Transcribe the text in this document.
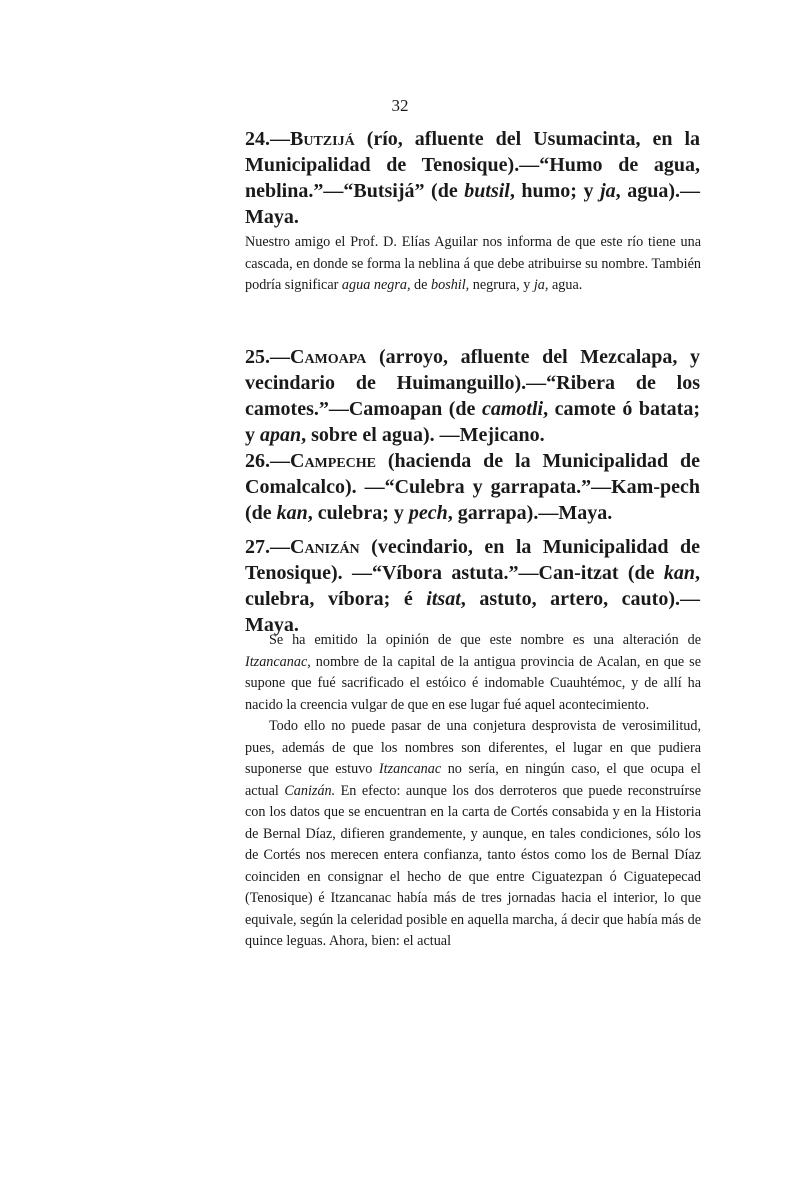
32
24.—Butzijá (río, afluente del Usumacinta, en la Municipalidad de Tenosique).—“Humo de agua, neblina.”—“Butsijá” (de butsil, humo; y ja, agua).—Maya.

Nuestro amigo el Prof. D. Elías Aguilar nos informa de que este río tiene una cascada, en donde se forma la neblina á que debe atribuirse su nombre. También podría significar agua negra, de boshil, negrura, y ja, agua.

25.—Camoapa (arroyo, afluente del Mezcalapa, y vecindario de Huimanguillo).—“Ribera de los camotes.”—Camoapan (de camotli, camote ó batata; y apan, sobre el agua). —Mejicano.
26.—Campeche (hacienda de la Municipalidad de Comalcalco). —“Culebra y garrapata.”—Kam-pech (de kan, culebra; y pech, garrapa).—Maya.
27.—Canizán (vecindario, en la Municipalidad de Tenosique). —“Víbora astuta.”—Can-itzat (de kan, culebra, víbora; é itsat, astuto, artero, cauto).—Maya.

Se ha emitido la opinión de que este nombre es una alteración de Itzancanac, nombre de la capital de la antigua provincia de Acalan, en que se supone que fué sacrificado el estóico é indomable Cuauhtémoc, y de allí ha nacido la creencia vulgar de que en ese lugar fué aquel acontecimiento.

Todo ello no puede pasar de una conjetura desprovista de verosimilitud, pues, además de que los nombres son diferentes, el lugar en que pudiera suponerse que estuvo Itzancanac no sería, en ningún caso, el que ocupa el actual Canizán. En efecto: aunque los dos derroteros que puede reconstruírse con los datos que se encuentran en la carta de Cortés consabida y en la Historia de Bernal Díaz, difieren grandemente, y aunque, en tales condiciones, sólo los de Cortés nos merecen entera confianza, tanto éstos como los de Bernal Díaz coinciden en consignar el hecho de que entre Ciguatezpan ó Ciguatepecad (Tenosique) é Itzancanac había más de tres jornadas hacia el interior, lo que equivale, según la celeridad posible en aquella marcha, á decir que había más de quince leguas. Ahora, bien: el actual
